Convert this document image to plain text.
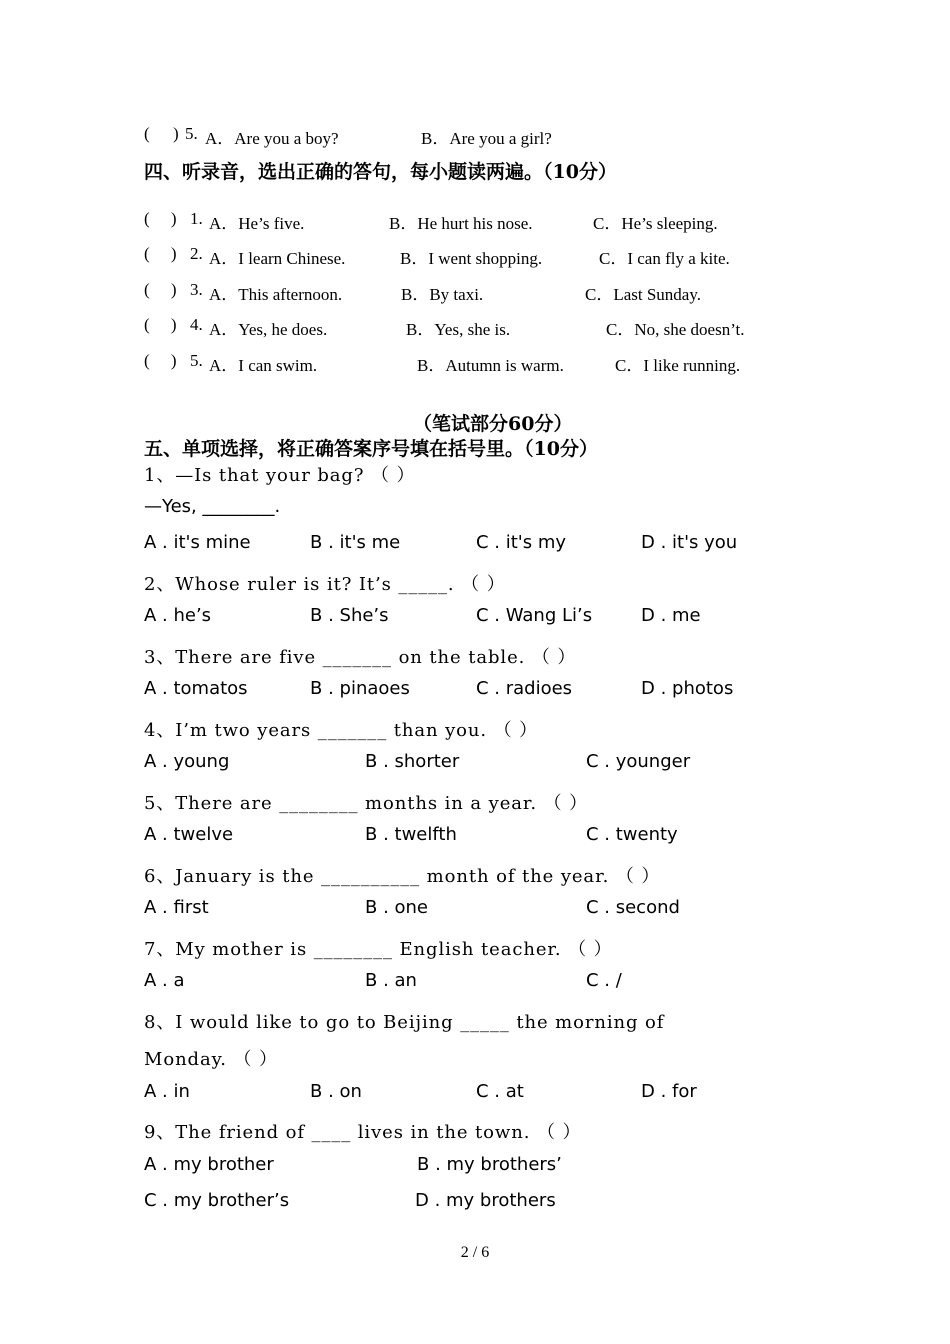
( ) 5. A．Are you a boy?	B．Are you a girl?
四、听录音，选出正确的答句，每小题读两遍。（10分）
(     ) 1. A．He’s five.	B．He hurt his nose.	C．He’s sleeping.
(     ) 2. A．I learn Chinese.	B．I went shopping.	C．I can fly a kite.
(     ) 3. A．This afternoon.	B．By taxi.	C．Last Sunday.
(     ) 4. A．Yes, he does.	B．Yes, she is.	C．No, she doesn’t.
(     ) 5. A．I can swim.	B．Autumn is warm.	C．I like running.
（笔试部分60分）
五、单项选择，将正确答案序号填在括号里。（10分）
1、—Is that your bag? （ ）
—Yes, ________.
A . it's mine	B . it's me	C . it's my	D . it's you
2、Whose ruler is it? It’s _____. （ ）
A . he’s	B . She’s	C . Wang Li’s	D . me
3、There are five _______ on the table. （ ）
A . tomatos	B . pinaoes	C . radioes	D . photos
4、I’m two years _______ than you. （ ）
A . young	B . shorter	C . younger
5、There are ________ months in a year. （ ）
A . twelve	B . twelfth	C . twenty
6、January is the __________ month of the year. （ ）
A . first	B . one	C . second
7、My mother is ________ English teacher. （ ）
A . a	B . an	C . /
8、I would like to go to Beijing _____ the morning of
Monday. （ ）
A . in	B . on	C . at	D . for
9、The friend of ____ lives in the town. （ ）
A . my brother	B . my brothers’
C . my brother’s	D . my brothers
2 / 6
